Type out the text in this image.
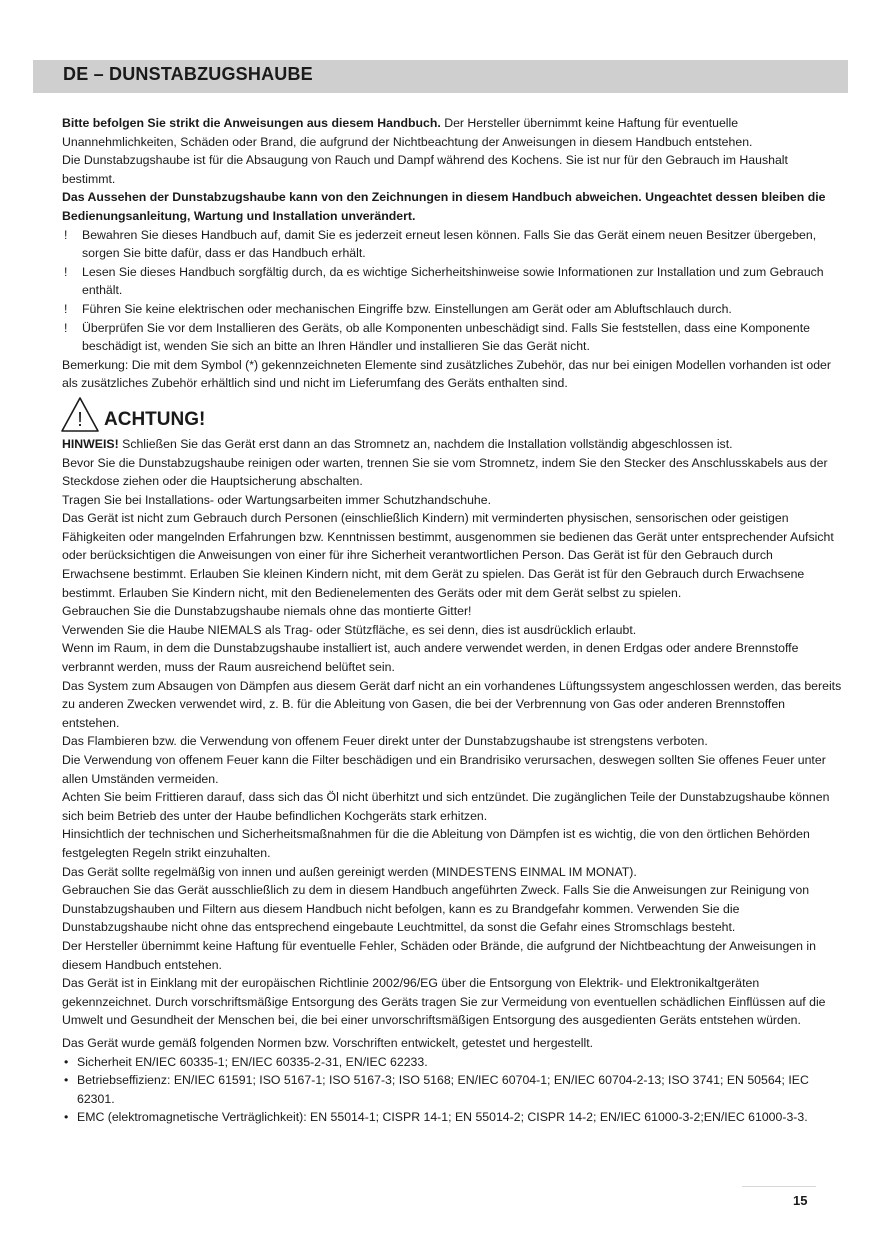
DE – DUNSTABZUGSHAUBE

Bitte befolgen Sie strikt die Anweisungen aus diesem Handbuch. Der Hersteller übernimmt keine Haftung für eventuelle Unannehmlichkeiten, Schäden oder Brand, die aufgrund der Nichtbeachtung der Anweisungen in diesem Handbuch entstehen.

Die Dunstabzugshaube ist für die Absaugung von Rauch und Dampf während des Kochens. Sie ist nur für den Gebrauch im Haushalt bestimmt.

Das Aussehen der Dunstabzugshaube kann von den Zeichnungen in diesem Handbuch abweichen. Ungeachtet dessen bleiben die Bedienungsanleitung, Wartung und Installation unverändert.

!	Bewahren Sie dieses Handbuch auf, damit Sie es jederzeit erneut lesen können. Falls Sie das Gerät einem neuen Besitzer übergeben, sorgen Sie bitte dafür, dass er das Handbuch erhält.
!	Lesen Sie dieses Handbuch sorgfältig durch, da es wichtige Sicherheitshinweise sowie Informationen zur Installation und zum Gebrauch enthält.
!	Führen Sie keine elektrischen oder mechanischen Eingriffe bzw. Einstellungen am Gerät oder am Abluftschlauch durch.
!	Überprüfen Sie vor dem Installieren des Geräts, ob alle Komponenten unbeschädigt sind. Falls Sie feststellen, dass eine Komponente beschädigt ist, wenden Sie sich an bitte an Ihren Händler und installieren Sie das Gerät nicht.

Bemerkung: Die mit dem Symbol (*) gekennzeichneten Elemente sind zusätzliches Zubehör, das nur bei einigen Modellen vorhanden ist oder als zusätzliches Zubehör erhältlich sind und nicht im Lieferumfang des Geräts enthalten sind.

! ACHTUNG!

HINWEIS! Schließen Sie das Gerät erst dann an das Stromnetz an, nachdem die Installation vollständig abgeschlossen ist.

Bevor Sie die Dunstabzugshaube reinigen oder warten, trennen Sie sie vom Stromnetz, indem Sie den Stecker des Anschlusskabels aus der Steckdose ziehen oder die Hauptsicherung abschalten.

Tragen Sie bei Installations- oder Wartungsarbeiten immer Schutzhandschuhe.

Das Gerät ist nicht zum Gebrauch durch Personen (einschließlich Kindern) mit verminderten physischen, sensorischen oder geistigen Fähigkeiten oder mangelnden Erfahrungen bzw. Kenntnissen bestimmt, ausgenommen sie bedienen das Gerät unter entsprechender Aufsicht oder berücksichtigen die Anweisungen von einer für ihre Sicherheit verantwortlichen Person. Das Gerät ist für den Gebrauch durch Erwachsene bestimmt. Erlauben Sie kleinen Kindern nicht, mit dem Gerät zu spielen. Das Gerät ist für den Gebrauch durch Erwachsene bestimmt. Erlauben Sie Kindern nicht, mit den Bedienelementen des Geräts oder mit dem Gerät selbst zu spielen.

Gebrauchen Sie die Dunstabzugshaube niemals ohne das montierte Gitter!

Verwenden Sie die Haube NIEMALS als Trag- oder Stützfläche, es sei denn, dies ist ausdrücklich erlaubt.

Wenn im Raum, in dem die Dunstabzugshaube installiert ist, auch andere verwendet werden, in denen Erdgas oder andere Brennstoffe verbrannt werden, muss der Raum ausreichend belüftet sein.

Das System zum Absaugen von Dämpfen aus diesem Gerät darf nicht an ein vorhandenes Lüftungssystem angeschlossen werden, das bereits zu anderen Zwecken verwendet wird, z. B. für die Ableitung von Gasen, die bei der Verbrennung von Gas oder anderen Brennstoffen entstehen.

Das Flambieren bzw. die Verwendung von offenem Feuer direkt unter der Dunstabzugshaube ist strengstens verboten.

Die Verwendung von offenem Feuer kann die Filter beschädigen und ein Brandrisiko verursachen, deswegen sollten Sie offenes Feuer unter allen Umständen vermeiden.

Achten Sie beim Frittieren darauf, dass sich das Öl nicht überhitzt und sich entzündet. Die zugänglichen Teile der Dunstabzugshaube können sich beim Betrieb des unter der Haube befindlichen Kochgeräts stark erhitzen.

Hinsichtlich der technischen und Sicherheitsmaßnahmen für die die Ableitung von Dämpfen ist es wichtig, die von den örtlichen Behörden festgelegten Regeln strikt einzuhalten.

Das Gerät sollte regelmäßig von innen und außen gereinigt werden (MINDESTENS EINMAL IM MONAT).

Gebrauchen Sie das Gerät ausschließlich zu dem in diesem Handbuch angeführten Zweck. Falls Sie die Anweisungen zur Reinigung von Dunstabzugshauben und Filtern aus diesem Handbuch nicht befolgen, kann es zu Brandgefahr kommen. Verwenden Sie die Dunstabzugshaube nicht ohne das entsprechend eingebaute Leuchtmittel, da sonst die Gefahr eines Stromschlags besteht.

Der Hersteller übernimmt keine Haftung für eventuelle Fehler, Schäden oder Brände, die aufgrund der Nichtbeachtung der Anweisungen in diesem Handbuch entstehen.

Das Gerät ist in Einklang mit der europäischen Richtlinie 2002/96/EG über die Entsorgung von Elektrik- und Elektronikaltgeräten gekennzeichnet. Durch vorschriftsmäßige Entsorgung des Geräts tragen Sie zur Vermeidung von eventuellen schädlichen Einflüssen auf die Umwelt und Gesundheit der Menschen bei, die bei einer unvorschriftsmäßigen Entsorgung des ausgedienten Geräts entstehen würden.

Das Gerät wurde gemäß folgenden Normen bzw. Vorschriften entwickelt, getestet und hergestellt.

• Sicherheit EN/IEC 60335-1; EN/IEC 60335-2-31, EN/IEC 62233.
• Betriebseffizienz: EN/IEC 61591; ISO 5167-1; ISO 5167-3; ISO 5168; EN/IEC 60704-1; EN/IEC 60704-2-13; ISO 3741; EN 50564; IEC 62301.
• EMC (elektromagnetische Verträglichkeit): EN 55014-1; CISPR 14-1; EN 55014-2; CISPR 14-2; EN/IEC 61000-3-2;EN/IEC 61000-3-3.
15
